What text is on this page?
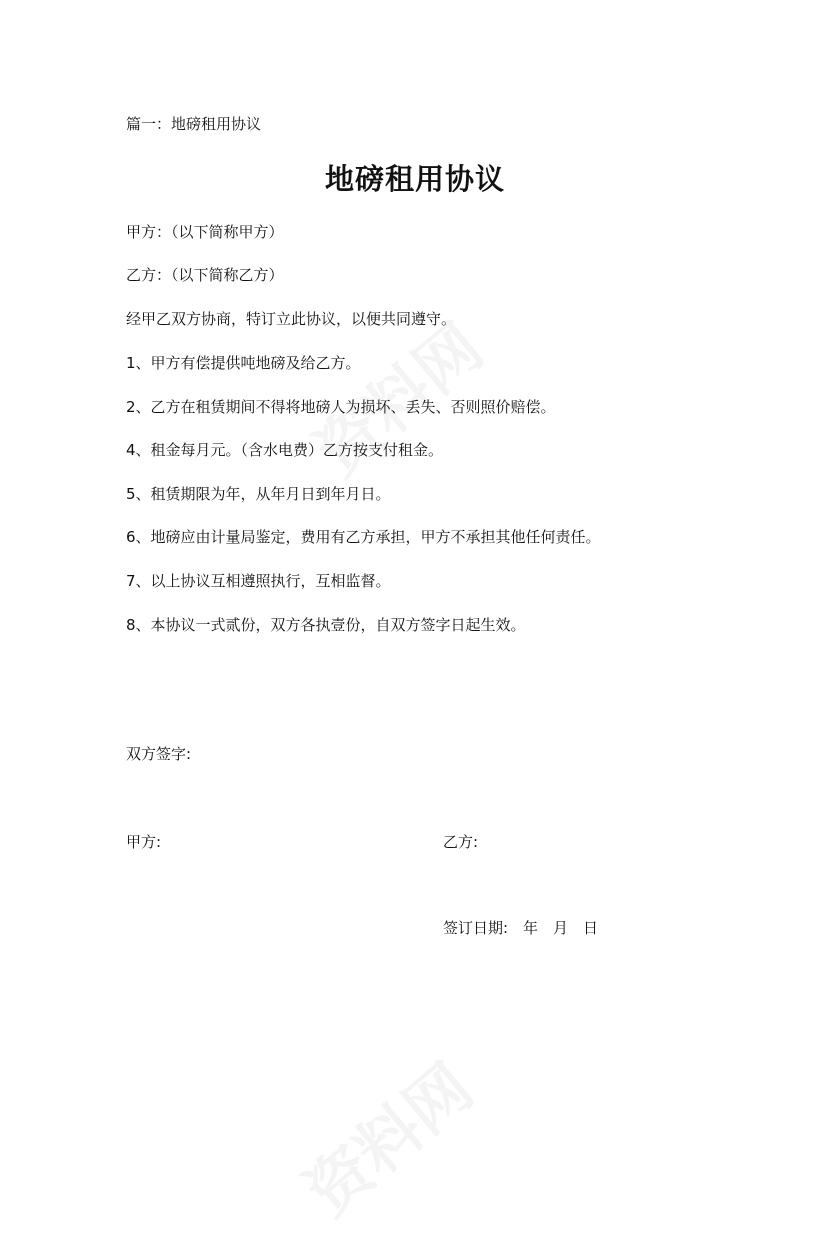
篇一：地磅租用协议
地磅租用协议
甲方：（以下简称甲方）
乙方：（以下简称乙方）
经甲乙双方协商，特订立此协议，以便共同遵守。
1、甲方有偿提供吨地磅及给乙方。
2、乙方在租赁期间不得将地磅人为损坏、丢失、否则照价赔偿。
4、租金每月元。（含水电费）乙方按支付租金。
5、租赁期限为年，从年月日到年月日。
6、地磅应由计量局鉴定，费用有乙方承担，甲方不承担其他任何责任。
7、以上协议互相遵照执行，互相监督。
8、本协议一式贰份，双方各执壹份，自双方签字日起生效。
双方签字:
甲方:	乙方:
签订日期:　年　月　日
